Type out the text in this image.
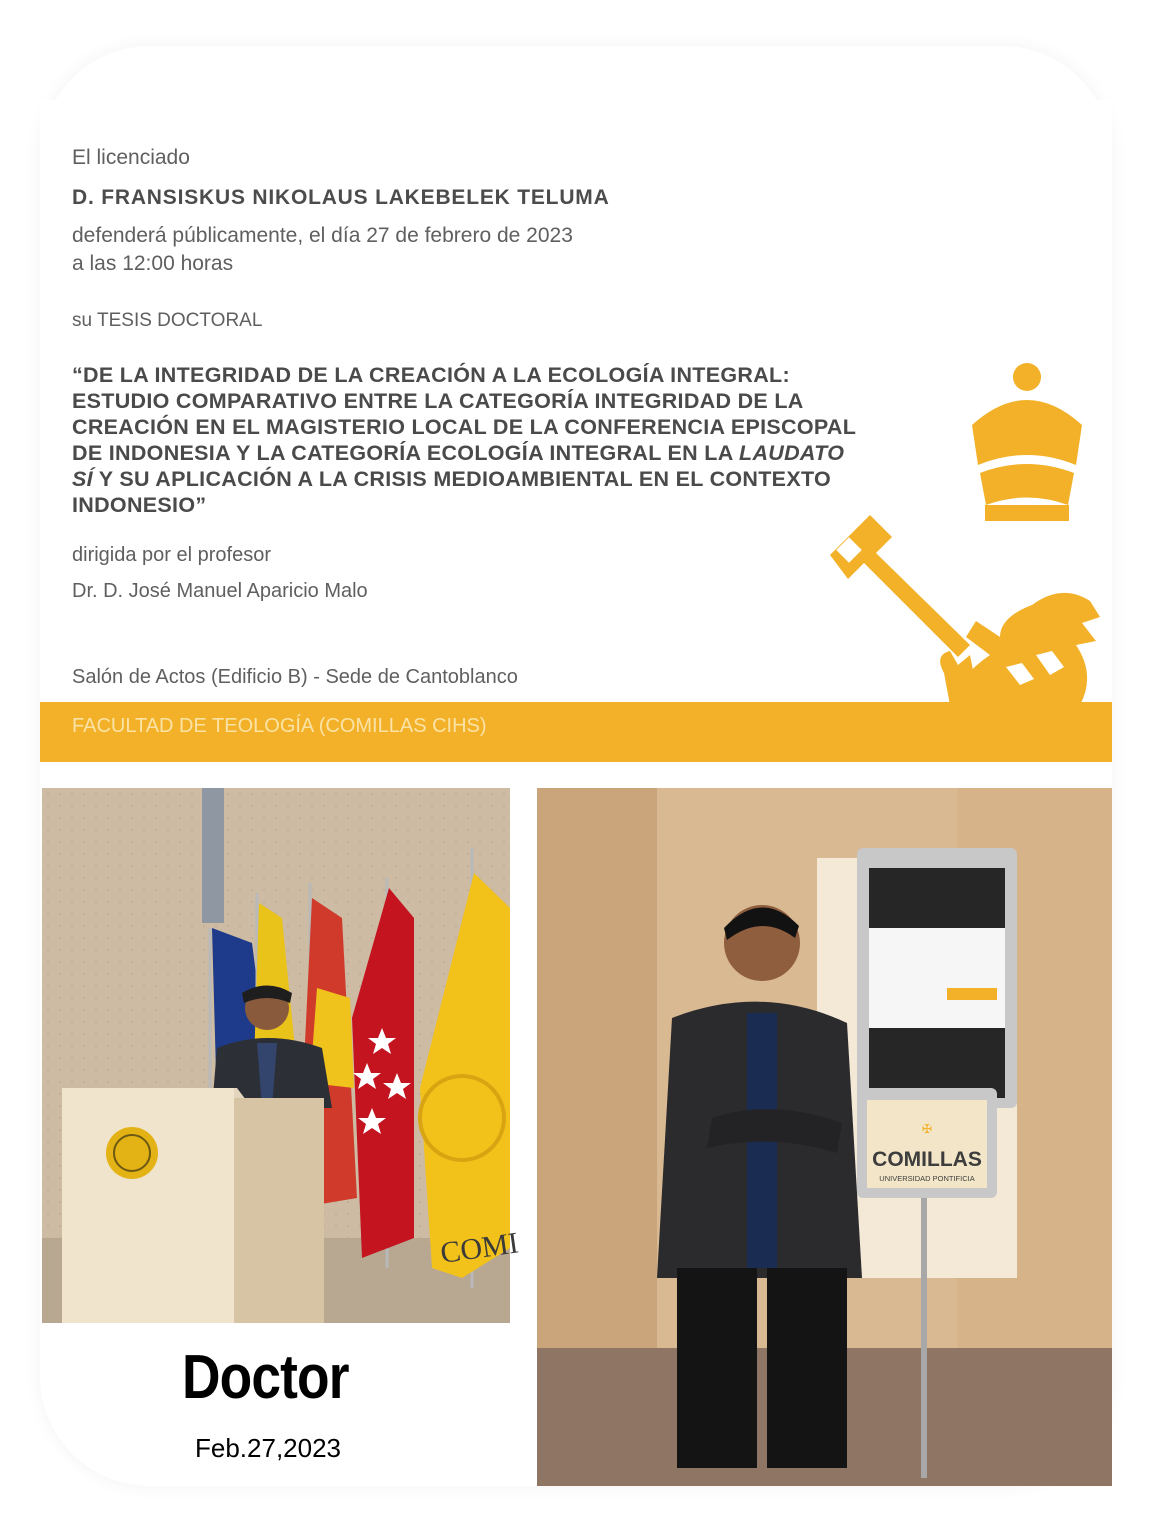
El licenciado
D. FRANSISKUS NIKOLAUS LAKEBELEK TELUMA
defenderá públicamente, el día 27 de febrero de 2023
a las 12:00 horas
su TESIS DOCTORAL
“DE LA INTEGRIDAD DE LA CREACIÓN A LA ECOLOGÍA INTEGRAL: ESTUDIO COMPARATIVO ENTRE LA CATEGORÍA INTEGRIDAD DE LA CREACIÓN EN EL MAGISTERIO LOCAL DE LA CONFERENCIA EPISCOPAL DE INDONESIA Y LA CATEGORÍA ECOLOGÍA INTEGRAL EN LA LAUDATO SÍ Y SU APLICACIÓN A LA CRISIS MEDIOAMBIENTAL EN EL CONTEXTO INDONESIO”
dirigida por el profesor
Dr. D. José Manuel Aparicio Malo
Salón de Actos (Edificio B) - Sede de Cantoblanco
FACULTAD DE TEOLOGÍA (COMILLAS CIHS)
COMI
✠
COMILLAS
UNIVERSIDAD PONTIFICIA
Doctor
Feb.27,2023
